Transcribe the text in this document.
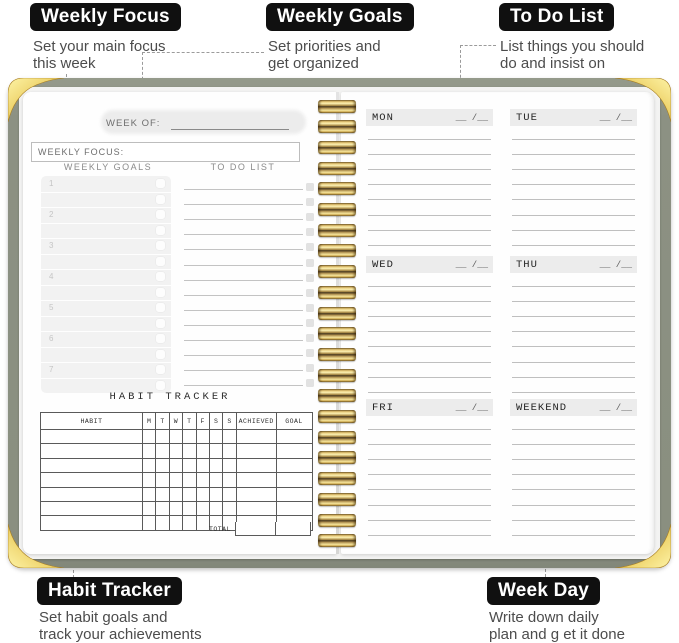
Weekly Focus
Set your main focus
this week
Weekly Goals
Set priorities and
get organized
To Do List
List things you should
do and insist on
WEEK OF:
WEEKLY FOCUS:
WEEKLY GOALS	TO DO LIST
1
2
3
4
5
6
7
HABIT TRACKER
HABIT	M	T	W	T	F	S	S	ACHIEVED	GOAL
TOTAL
MON	__ /__	TUE	__ /__
WED	__ /__	THU	__ /__
FRI	__ /__	WEEKEND	__ /__
Habit Tracker
Set habit goals and
track your achievements
Week Day
Write down daily
plan and g et it done
